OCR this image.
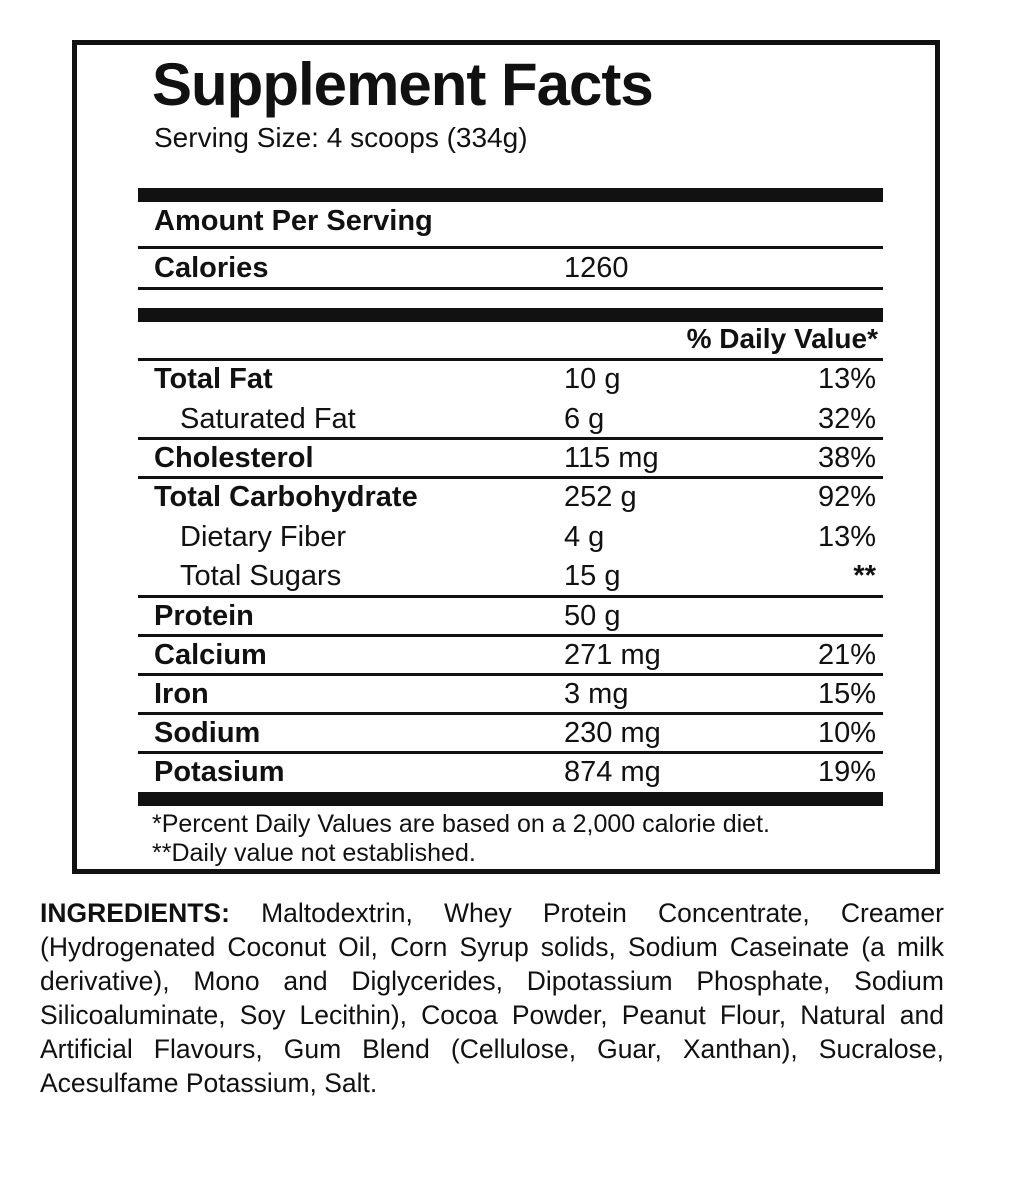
Supplement Facts
Serving Size: 4 scoops (334g)
Amount Per Serving
Calories	1260
% Daily Value*
Total Fat	10 g	13%
Saturated Fat	6 g	32%
Cholesterol	115 mg	38%
Total Carbohydrate	252 g	92%
Dietary Fiber	4 g	13%
Total Sugars	15 g	**
Protein	50 g
Calcium	271 mg	21%
Iron	3 mg	15%
Sodium	230 mg	10%
Potasium	874 mg	19%
*Percent Daily Values are based on a 2,000 calorie diet.
**Daily value not established.
INGREDIENTS: Maltodextrin, Whey Protein Concentrate, Creamer (Hydrogenated Coconut Oil, Corn Syrup solids, Sodium Caseinate (a milk derivative), Mono and Diglycerides, Dipotassium Phosphate, Sodium Silicoaluminate, Soy Lecithin), Cocoa Powder, Peanut Flour, Natural and Artificial Flavours, Gum Blend (Cellulose, Guar, Xanthan), Sucralose, Acesulfame Potassium, Salt.
